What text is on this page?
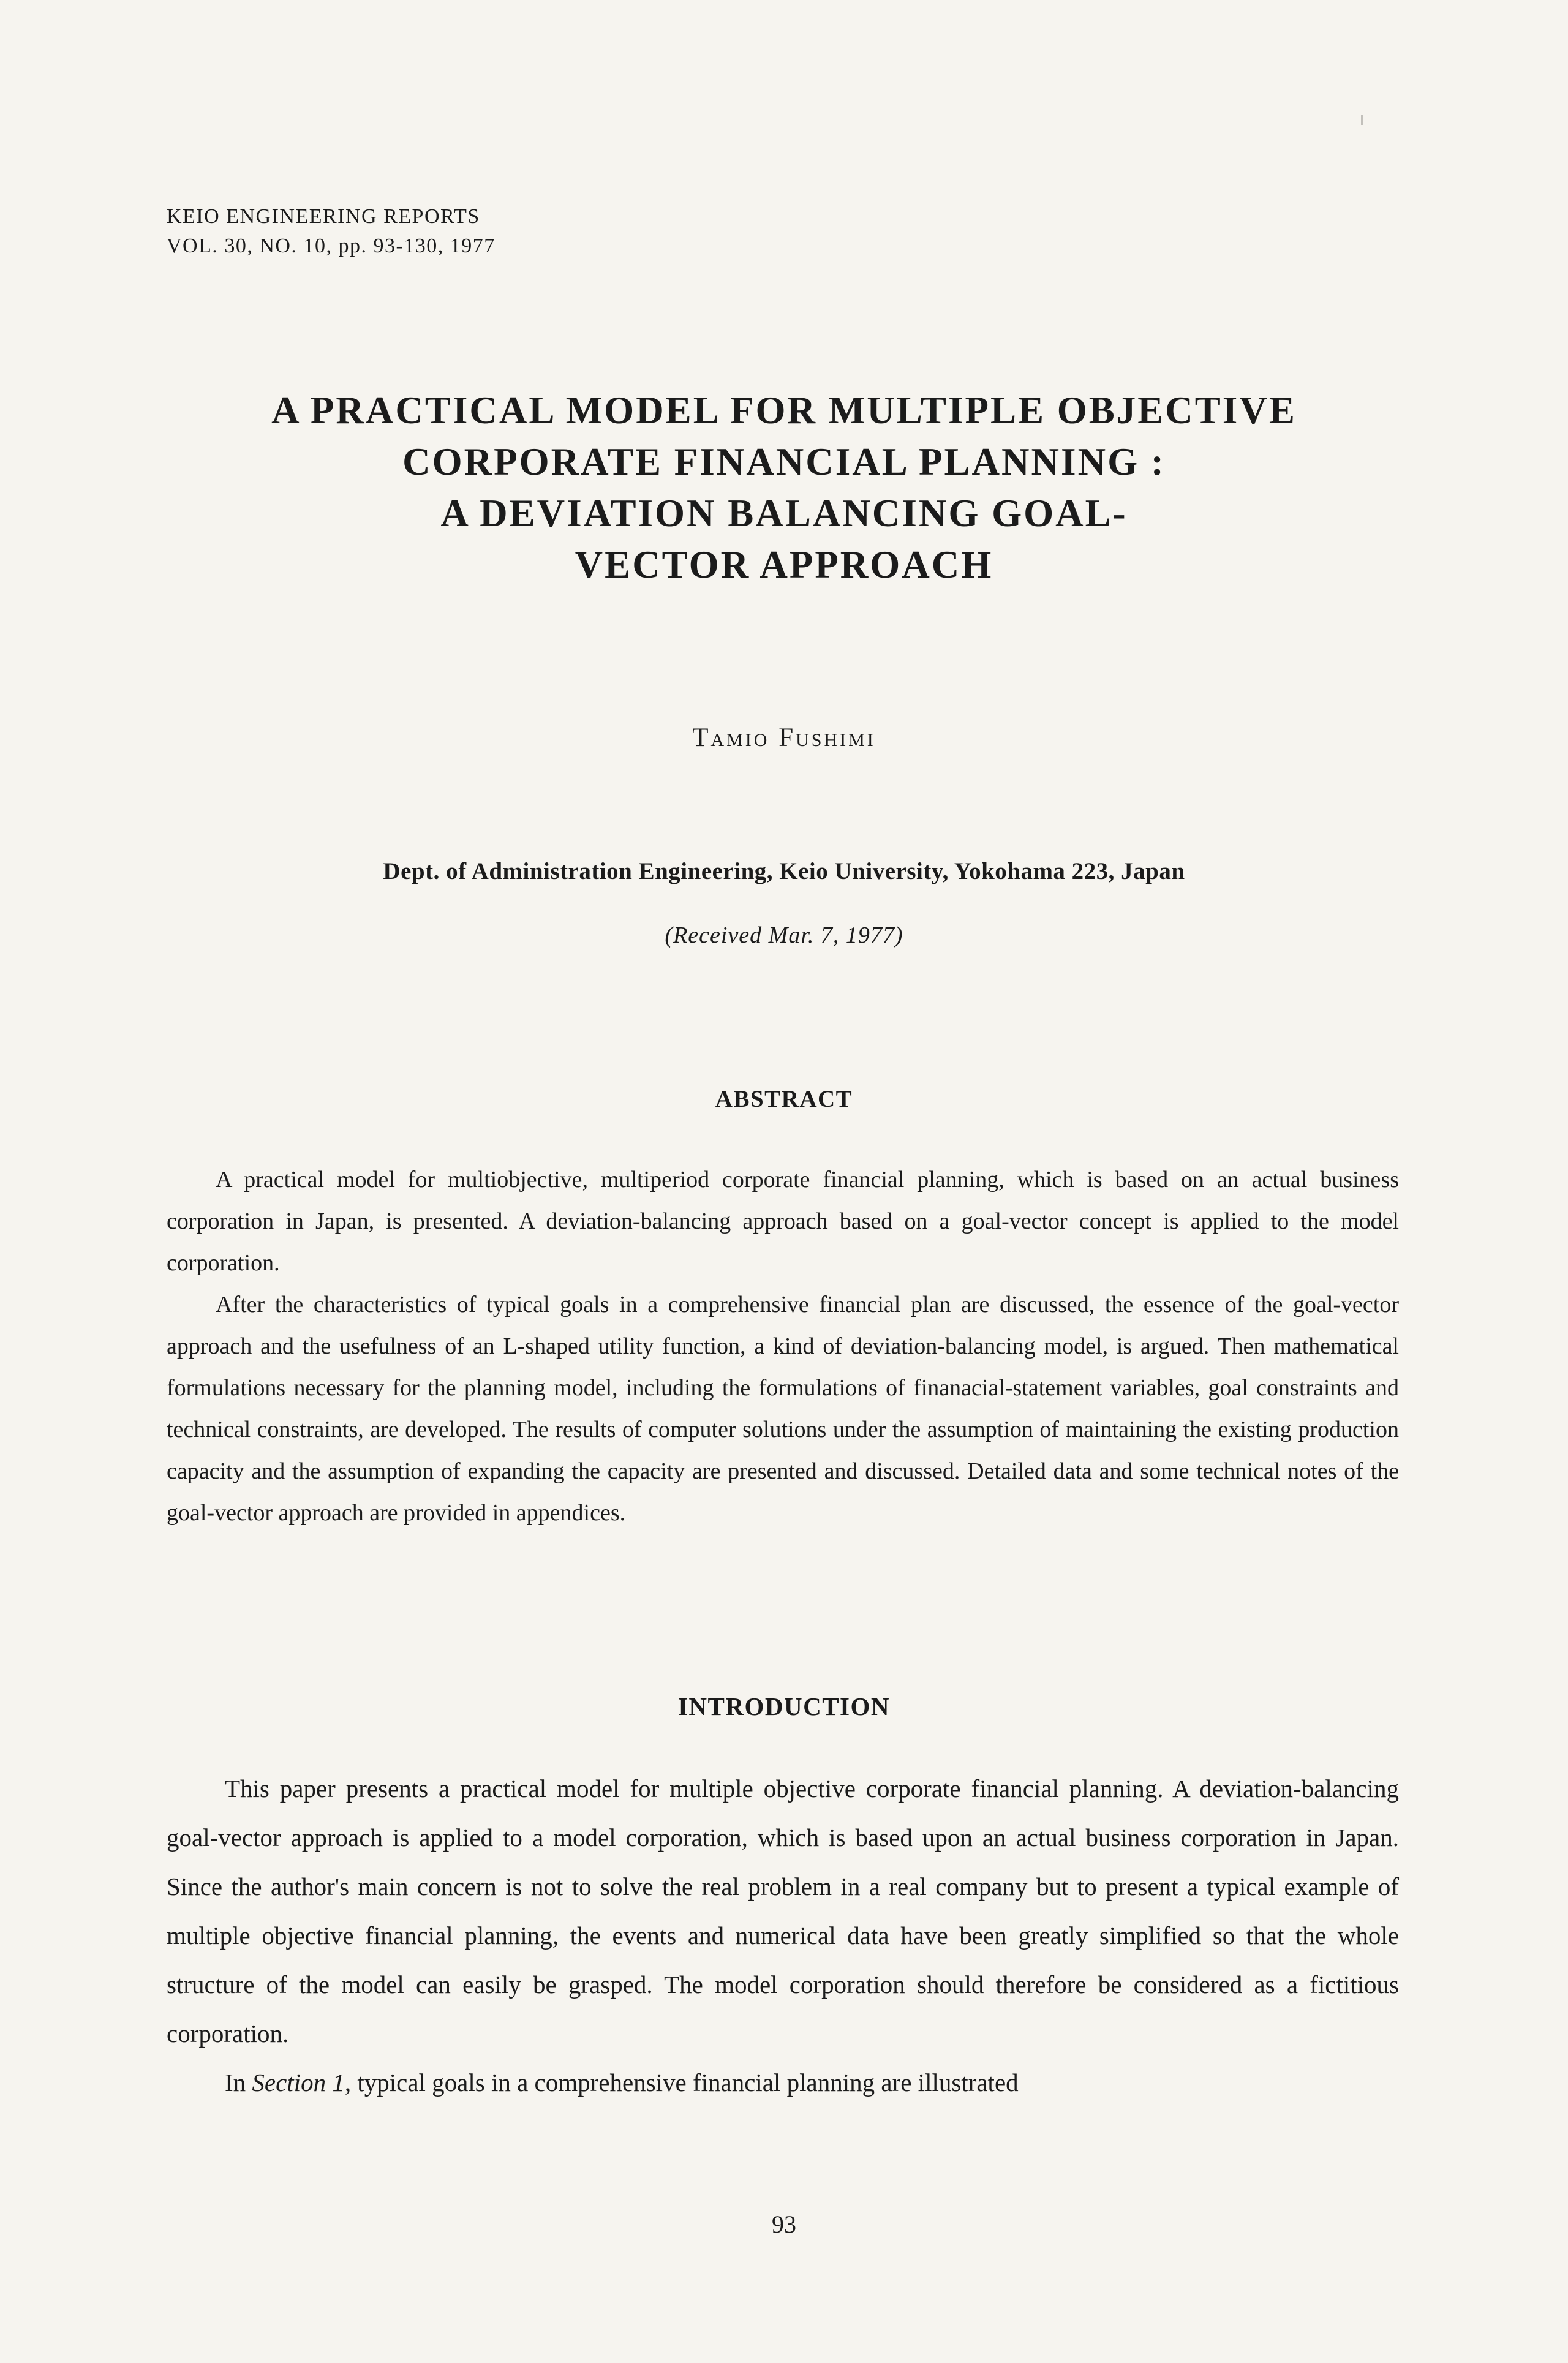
KEIO ENGINEERING REPORTS
VOL. 30, NO. 10, pp. 93-130, 1977
A PRACTICAL MODEL FOR MULTIPLE OBJECTIVE
CORPORATE FINANCIAL PLANNING :
A DEVIATION BALANCING GOAL-
VECTOR APPROACH
Tamio Fushimi
Dept. of Administration Engineering, Keio University, Yokohama 223, Japan
(Received Mar. 7, 1977)
ABSTRACT

A practical model for multiobjective, multiperiod corporate financial planning, which is based on an actual business corporation in Japan, is presented. A deviation-balancing approach based on a goal-vector concept is applied to the model corporation.

After the characteristics of typical goals in a comprehensive financial plan are discussed, the essence of the goal-vector approach and the usefulness of an L-shaped utility function, a kind of deviation-balancing model, is argued. Then mathematical formulations necessary for the planning model, including the formulations of finanacial-statement variables, goal constraints and technical constraints, are developed. The results of computer solutions under the assumption of maintaining the existing production capacity and the assumption of expanding the capacity are presented and discussed. Detailed data and some technical notes of the goal-vector approach are provided in appendices.

INTRODUCTION

This paper presents a practical model for multiple objective corporate financial planning. A deviation-balancing goal-vector approach is applied to a model corporation, which is based upon an actual business corporation in Japan. Since the author's main concern is not to solve the real problem in a real company but to present a typical example of multiple objective financial planning, the events and numerical data have been greatly simplified so that the whole structure of the model can easily be grasped. The model corporation should therefore be considered as a fictitious corporation.

In Section 1, typical goals in a comprehensive financial planning are illustrated

93
